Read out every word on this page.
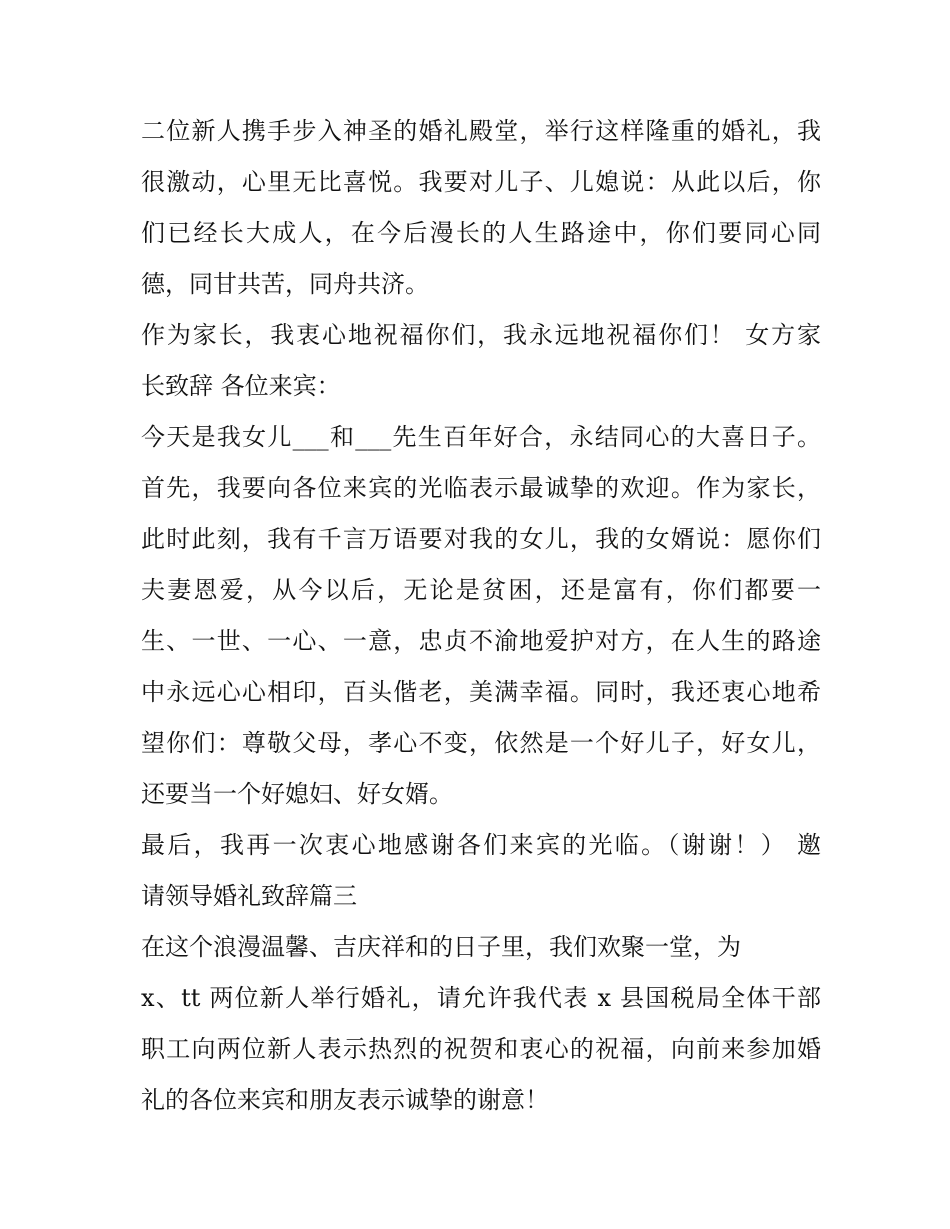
二位新人携手步入神圣的婚礼殿堂，举行这样隆重的婚礼，我
很激动，心里无比喜悦。我要对儿子、儿媳说：从此以后，你
们已经长大成人，在今后漫长的人生路途中，你们要同心同
德，同甘共苦，同舟共济。
作为家长，我衷心地祝福你们，我永远地祝福你们！ 女方家
长致辞 各位来宾：
今天是我女儿___和___先生百年好合，永结同心的大喜日子。
首先，我要向各位来宾的光临表示最诚挚的欢迎。作为家长，
此时此刻，我有千言万语要对我的女儿，我的女婿说：愿你们
夫妻恩爱，从今以后，无论是贫困，还是富有，你们都要一
生、一世、一心、一意，忠贞不渝地爱护对方，在人生的路途
中永远心心相印，百头偕老，美满幸福。同时，我还衷心地希
望你们：尊敬父母，孝心不变，依然是一个好儿子，好女儿，
还要当一个好媳妇、好女婿。
最后，我再一次衷心地感谢各们来宾的光临。（谢谢！） 邀
请领导婚礼致辞篇三
在这个浪漫温馨、吉庆祥和的日子里，我们欢聚一堂，为
x、tt 两位新人举行婚礼，请允许我代表 x 县国税局全体干部
职工向两位新人表示热烈的祝贺和衷心的祝福，向前来参加婚
礼的各位来宾和朋友表示诚挚的谢意！
